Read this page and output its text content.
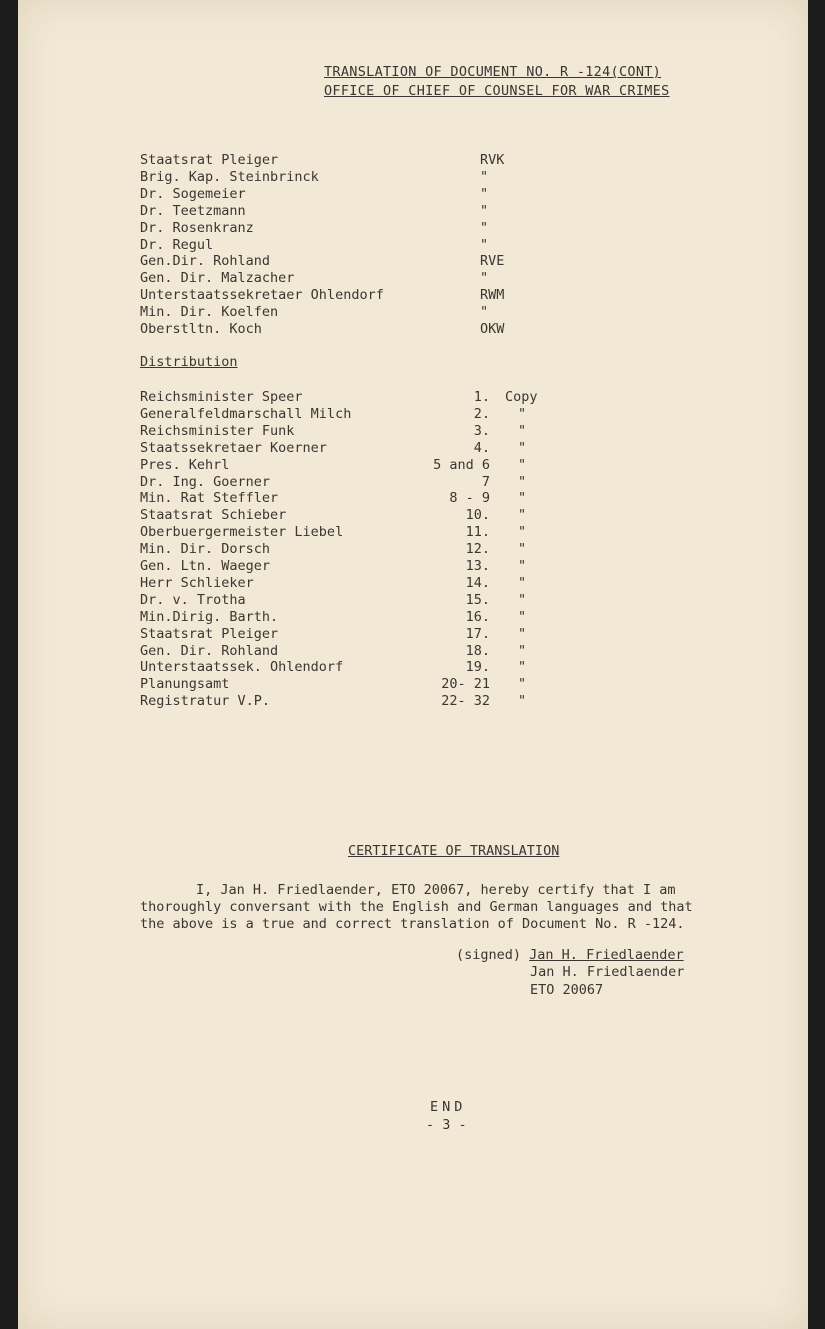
TRANSLATION OF DOCUMENT NO. R -124(CONT)
OFFICE OF CHIEF OF COUNSEL FOR WAR CRIMES
Staatsrat Pleiger	RVK
Brig. Kap. Steinbrinck	"
Dr. Sogemeier	"
Dr. Teetzmann	"
Dr. Rosenkranz	"
Dr. Regul	"
Gen.Dir. Rohland	RVE
Gen. Dir. Malzacher	"
Unterstaatssekretaer Ohlendorf	RWM
Min. Dir. Koelfen	"
Oberstltn. Koch	OKW
Distribution
Reichsminister Speer	1. Copy
Generalfeldmarschall Milch	2. "
Reichsminister Funk	3. "
Staatssekretaer Koerner	4. "
Pres. Kehrl	5 and 6 "
Dr. Ing. Goerner	7 "
Min. Rat Steffler	8 - 9 "
Staatsrat Schieber	10. "
Oberbuergermeister Liebel	11. "
Min. Dir. Dorsch	12. "
Gen. Ltn. Waeger	13. "
Herr Schlieker	14. "
Dr. v. Trotha	15. "
Min.Dirig. Barth.	16. "
Staatsrat Pleiger	17. "
Gen. Dir. Rohland	18. "
Unterstaatssek. Ohlendorf	19. "
Planungsamt	20- 21 "
Registratur V.P.	22- 32 "
CERTIFICATE OF TRANSLATION
I, Jan H. Friedlaender, ETO 20067, hereby certify that I am
thoroughly conversant with the English and German languages and that
the above is a true and correct translation of Document No. R -124.
(signed) Jan H. Friedlaender
Jan H. Friedlaender
ETO 20067
END
- 3 -
